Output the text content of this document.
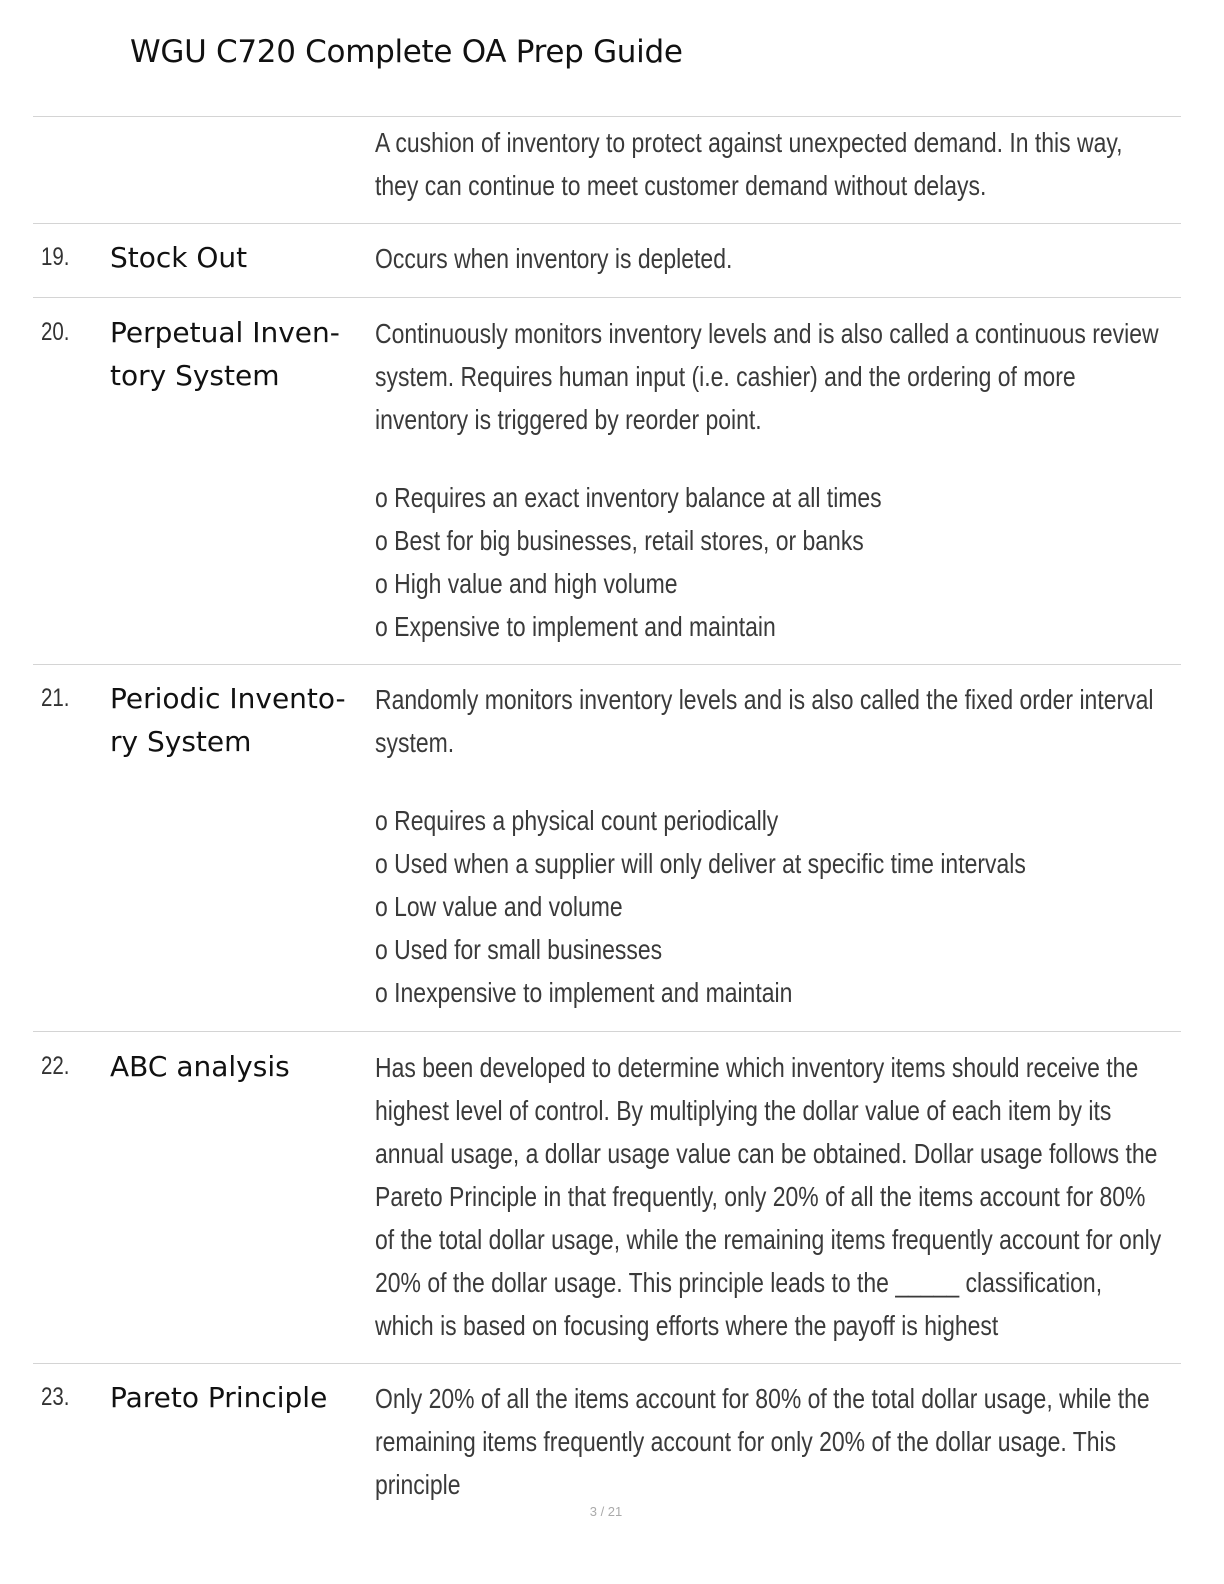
WGU C720 Complete OA Prep Guide

A cushion of inventory to protect against unexpected demand. In this way, they can continue to meet customer demand without delays.

19. Stock Out	Occurs when inventory is depleted.

20. Perpetual Inven-
tory System

Continuously monitors inventory levels and is also called a continuous review system. Requires human input (i.e. cashier) and the ordering of more inventory is triggered by reorder point.

o Requires an exact inventory balance at all times
o Best for big businesses, retail stores, or banks
o High value and high volume
o Expensive to implement and maintain
21. Periodic Invento-
ry System

Randomly monitors inventory levels and is also called the fixed order interval system.

o Requires a physical count periodically
o Used when a supplier will only deliver at specific time intervals
o Low value and volume
o Used for small businesses
o Inexpensive to implement and maintain
22. ABC analysis	Has been developed to determine which inventory items should receive the highest level of control. By multiplying the dollar value of each item by its annual usage, a dollar usage value can be obtained. Dollar usage follows the Pareto Principle in that frequently, only 20% of all the items account for 80% of the total dollar usage, while the remaining items frequently account for only 20% of the dollar usage. This principle leads to the _____ classification, which is based on focusing efforts where the payoff is highest

23. Pareto Principle Only 20% of all the items account for 80% of the total dollar usage, while the remaining items frequently account for only 20% of the dollar usage. This principle

3 / 21
